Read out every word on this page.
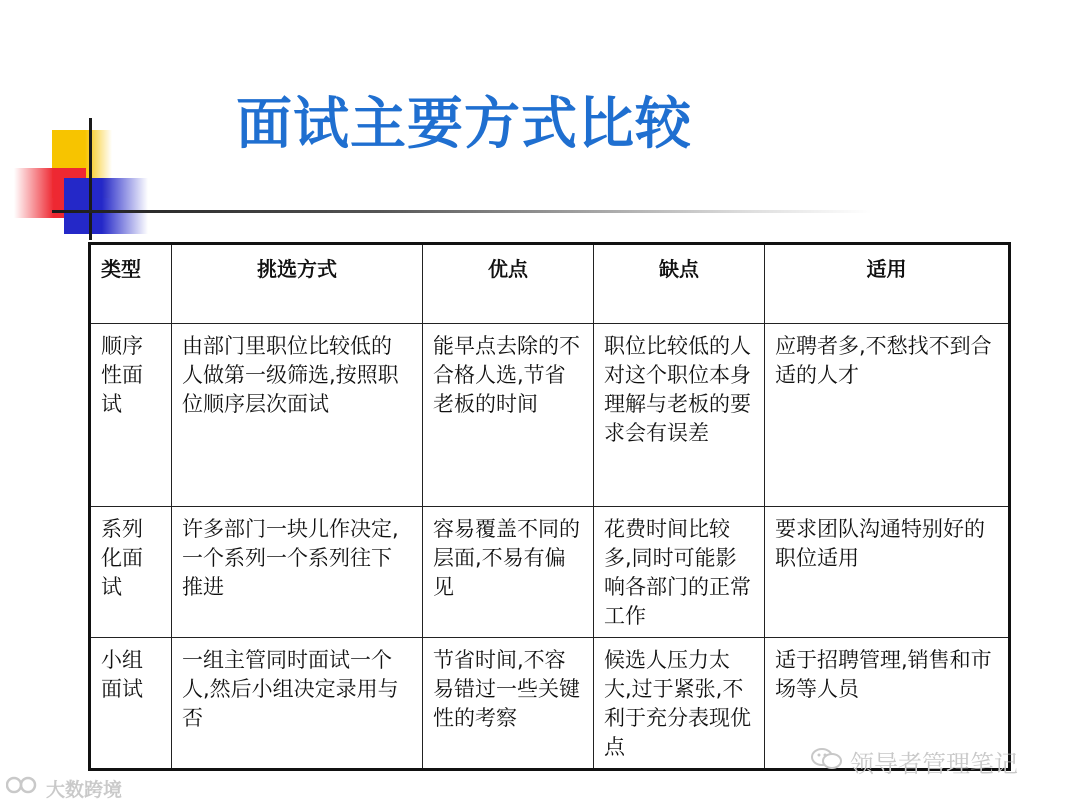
面试主要方式比较
类型	挑选方式	优点	缺点	适用
顺序性面试	由部门里职位比较低的人做第一级筛选,按照职位顺序层次面试	能早点去除的不合格人选,节省老板的时间	职位比较低的人对这个职位本身理解与老板的要求会有误差	应聘者多,不愁找不到合适的人才
系列化面试	许多部门一块儿作决定,一个系列一个系列往下推进	容易覆盖不同的层面,不易有偏见	花费时间比较多,同时可能影响各部门的正常工作	要求团队沟通特别好的职位适用
小组面试	一组主管同时面试一个人,然后小组决定录用与否	节省时间,不容易错过一些关键性的考察	候选人压力太大,过于紧张,不利于充分表现优点	适于招聘管理,销售和市场等人员
大数跨境
领导者管理笔记
